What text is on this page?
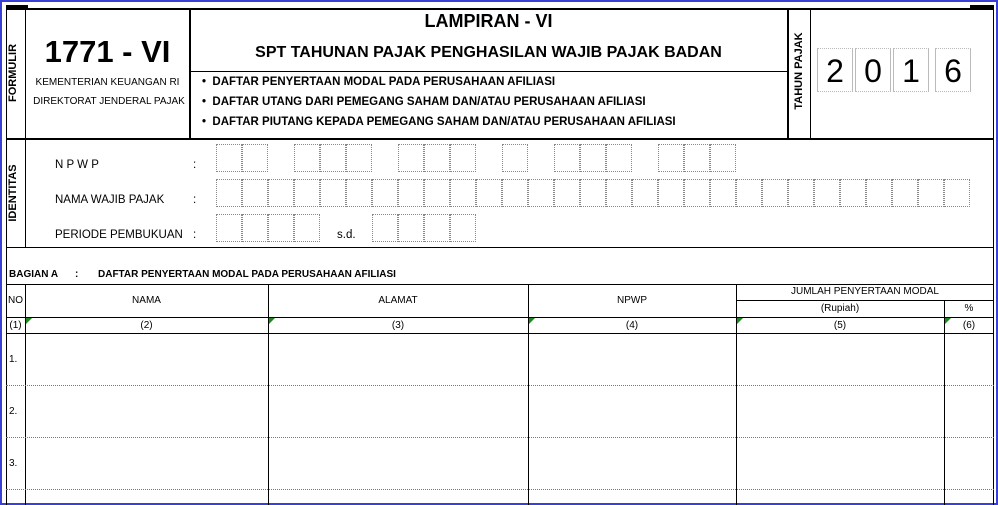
FORMULIR 1771 - VI
KEMENTERIAN KEUANGAN RI
DIREKTORAT JENDERAL PAJAK
LAMPIRAN - VI
SPT TAHUNAN PAJAK PENGHASILAN WAJIB PAJAK BADAN
•  DAFTAR PENYERTAAN MODAL PADA PERUSAHAAN AFILIASI
•  DAFTAR UTANG DARI PEMEGANG SAHAM DAN/ATAU PERUSAHAAN AFILIASI
•  DAFTAR PIUTANG KEPADA PEMEGANG SAHAM DAN/ATAU PERUSAHAAN AFILIASI
TAHUN PAJAK 2 0 1 6
IDENTITAS	N P W P	:
NAMA WAJIB PAJAK :
PERIODE PEMBUKUAN :	s.d.
BAGIAN A : DAFTAR PENYERTAAN MODAL PADA PERUSAHAAN AFILIASI
NO	NAMA	ALAMAT	NPWP
JUMLAH PENYERTAAN MODAL
(Rupiah)	%
(1)	(2)	(3)	(4)	(5)	(6)
1.
2.
3.
